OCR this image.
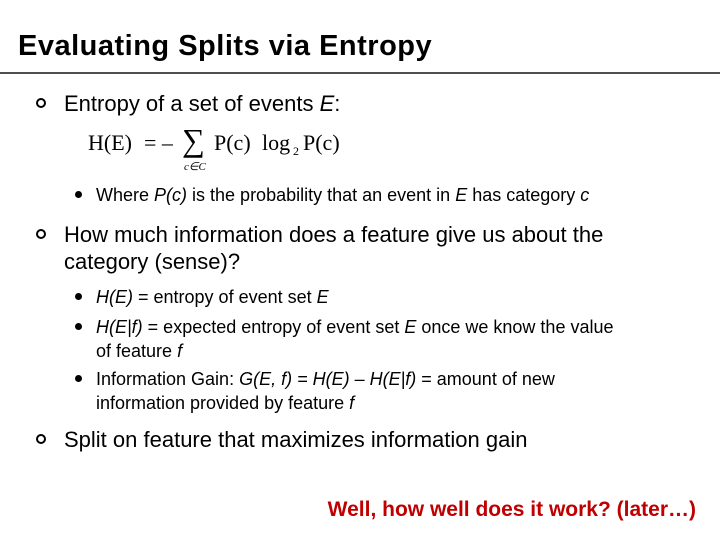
Evaluating Splits via Entropy
Entropy of a set of events E:
H(E) = – ∑
c∈C
P(c) log 2 P(c)
Where P(c) is the probability that an event in E has category c
How much information does a feature give us about the
category (sense)?
H(E) = entropy of event set E
H(E|f) = expected entropy of event set E once we know the value
of feature f
Information Gain: G(E, f) = H(E) – H(E|f) = amount of new
information provided by feature f
Split on feature that maximizes information gain
Well, how well does it work? (later…)
